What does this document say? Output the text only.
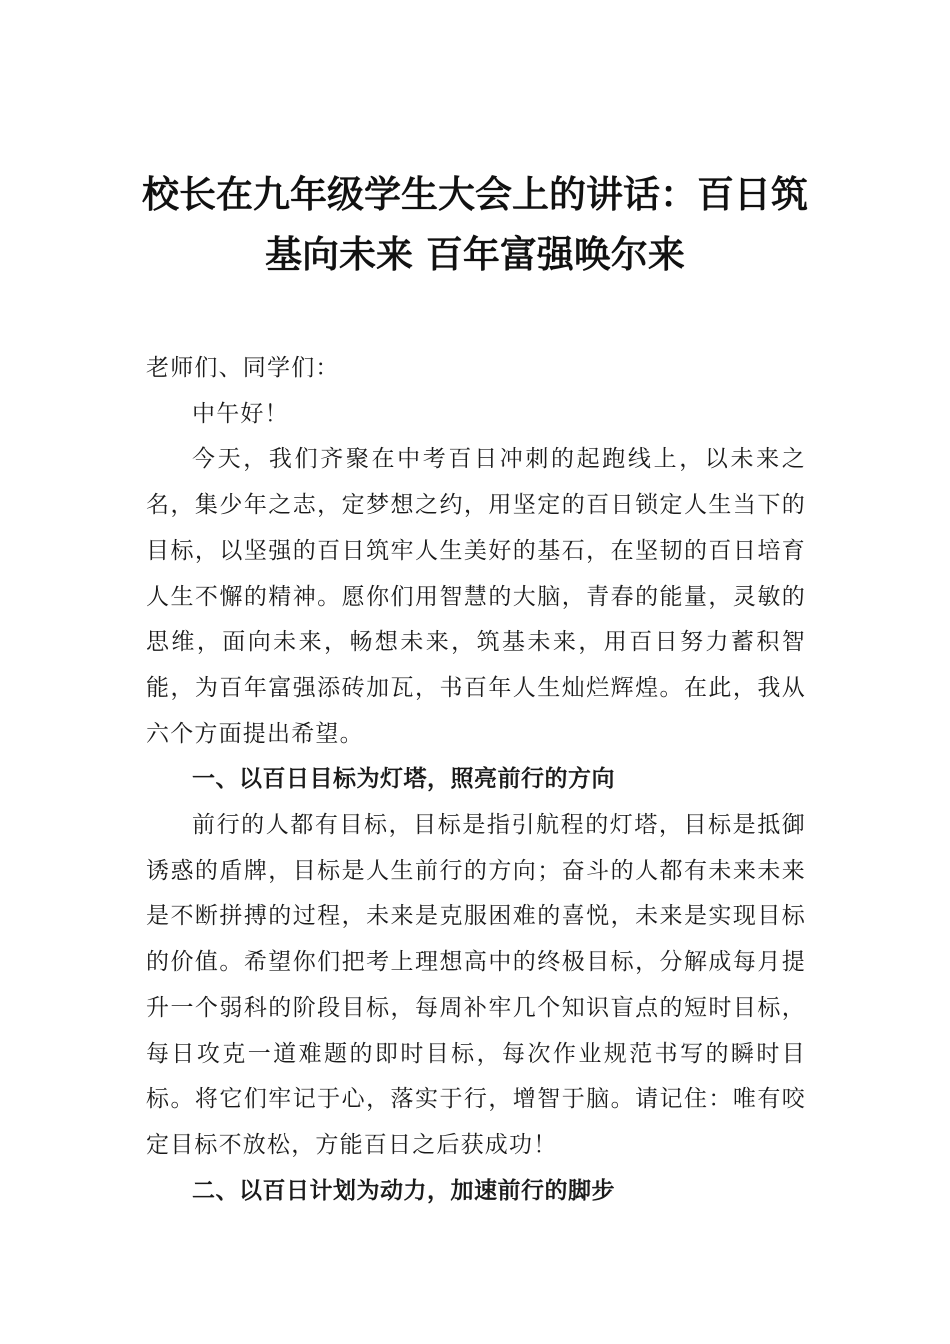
校长在九年级学生大会上的讲话：百日筑
基向未来 百年富强唤尔来

老师们、同学们：

中午好！

今天，我们齐聚在中考百日冲刺的起跑线上，以未来之名，集少年之志，定梦想之约，用坚定的百日锁定人生当下的目标，以坚强的百日筑牢人生美好的基石，在坚韧的百日培育人生不懈的精神。愿你们用智慧的大脑，青春的能量，灵敏的思维，面向未来，畅想未来，筑基未来，用百日努力蓄积智能，为百年富强添砖加瓦，书百年人生灿烂辉煌。在此，我从六个方面提出希望。

一、以百日目标为灯塔，照亮前行的方向

前行的人都有目标，目标是指引航程的灯塔，目标是抵御诱惑的盾牌，目标是人生前行的方向；奋斗的人都有未来未来是不断拼搏的过程，未来是克服困难的喜悦，未来是实现目标的价值。希望你们把考上理想高中的终极目标，分解成每月提升一个弱科的阶段目标，每周补牢几个知识盲点的短时目标，每日攻克一道难题的即时目标，每次作业规范书写的瞬时目标。将它们牢记于心，落实于行，增智于脑。请记住：唯有咬定目标不放松，方能百日之后获成功！

二、以百日计划为动力，加速前行的脚步
